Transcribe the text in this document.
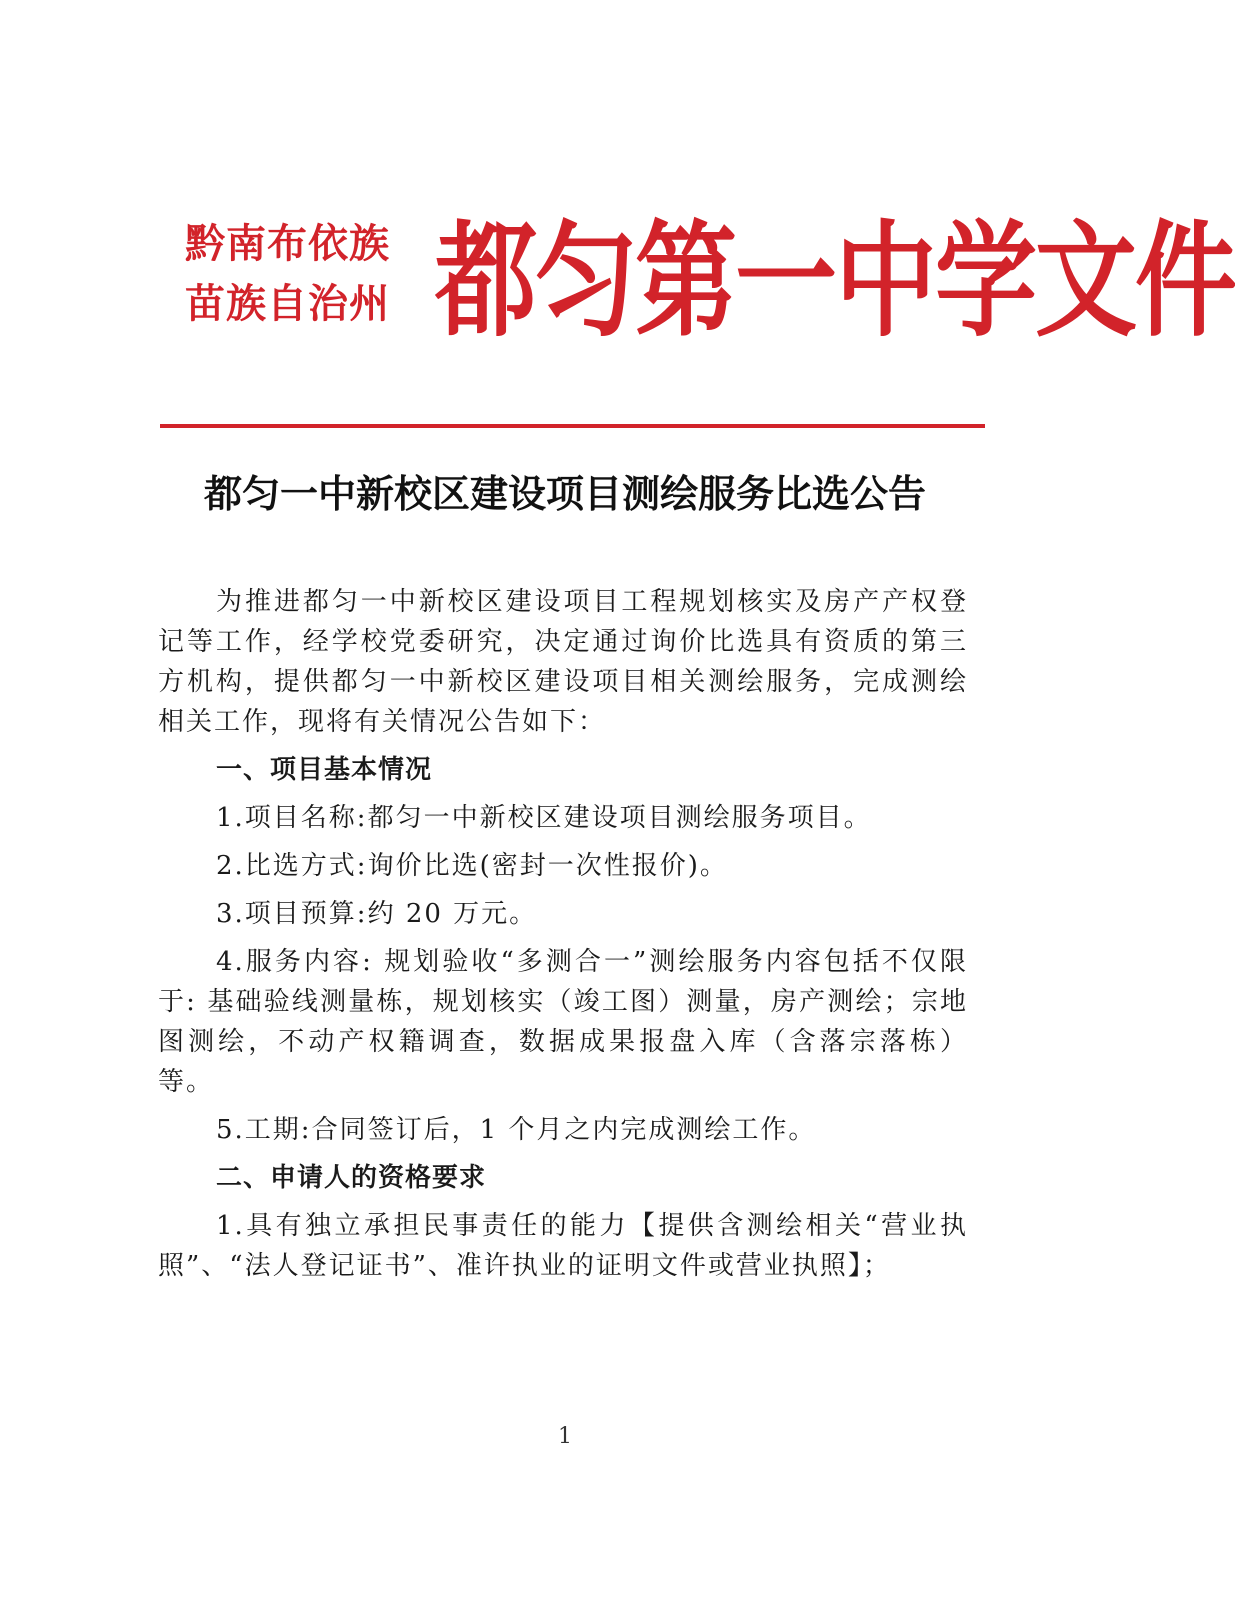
黔南布依族
苗族自治州 都匀第一中学文件
都匀一中新校区建设项目测绘服务比选公告

为推进都匀一中新校区建设项目工程规划核实及房产产权登记等工作，经学校党委研究，决定通过询价比选具有资质的第三方机构，提供都匀一中新校区建设项目相关测绘服务，完成测绘相关工作，现将有关情况公告如下：

一、项目基本情况

1.项目名称:都匀一中新校区建设项目测绘服务项目。

2.比选方式:询价比选(密封一次性报价)。

3.项目预算:约 20 万元。

4.服务内容: 规划验收“多测合一”测绘服务内容包括不仅限于: 基础验线测量栋，规划核实（竣工图）测量，房产测绘；宗地图测绘，不动产权籍调查，数据成果报盘入库（含落宗落栋）等。

5.工期:合同签订后，1 个月之内完成测绘工作。

二、申请人的资格要求

1.具有独立承担民事责任的能力【提供含测绘相关“营业执照”、“法人登记证书”、准许执业的证明文件或营业执照】；

1
